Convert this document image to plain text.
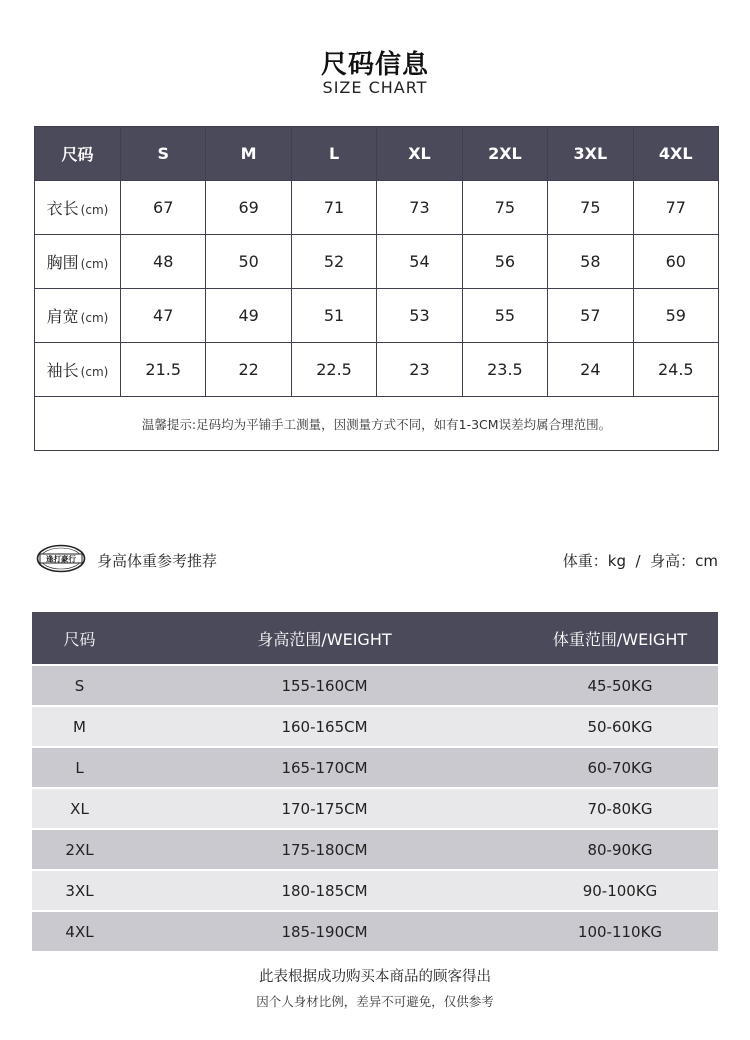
尺码信息
SIZE CHART
尺码	S	M	L	XL	2XL	3XL	4XL
衣长 (cm)	67	69	71	73	75	75	77
胸围 (cm)	48	50	52	54	56	58	60
肩宽 (cm)	47	49	51	53	55	57	59
袖长 (cm)	21.5	22	22.5	23	23.5	24	24.5
温馨提示:足码均为平铺手工测量，因测量方式不同，如有1-3CM误差均属合理范围。							
逢打豪行 身高体重参考推荐	体重：kg  /  身高：cm
尺码	身高范围/WEIGHT	体重范围/WEIGHT
S	155-160CM	45-50KG
M	160-165CM	50-60KG
L	165-170CM	60-70KG
XL	170-175CM	70-80KG
2XL	175-180CM	80-90KG
3XL	180-185CM	90-100KG
4XL	185-190CM	100-110KG
此表根据成功购买本商品的顾客得出
因个人身材比例，差异不可避免，仅供参考
